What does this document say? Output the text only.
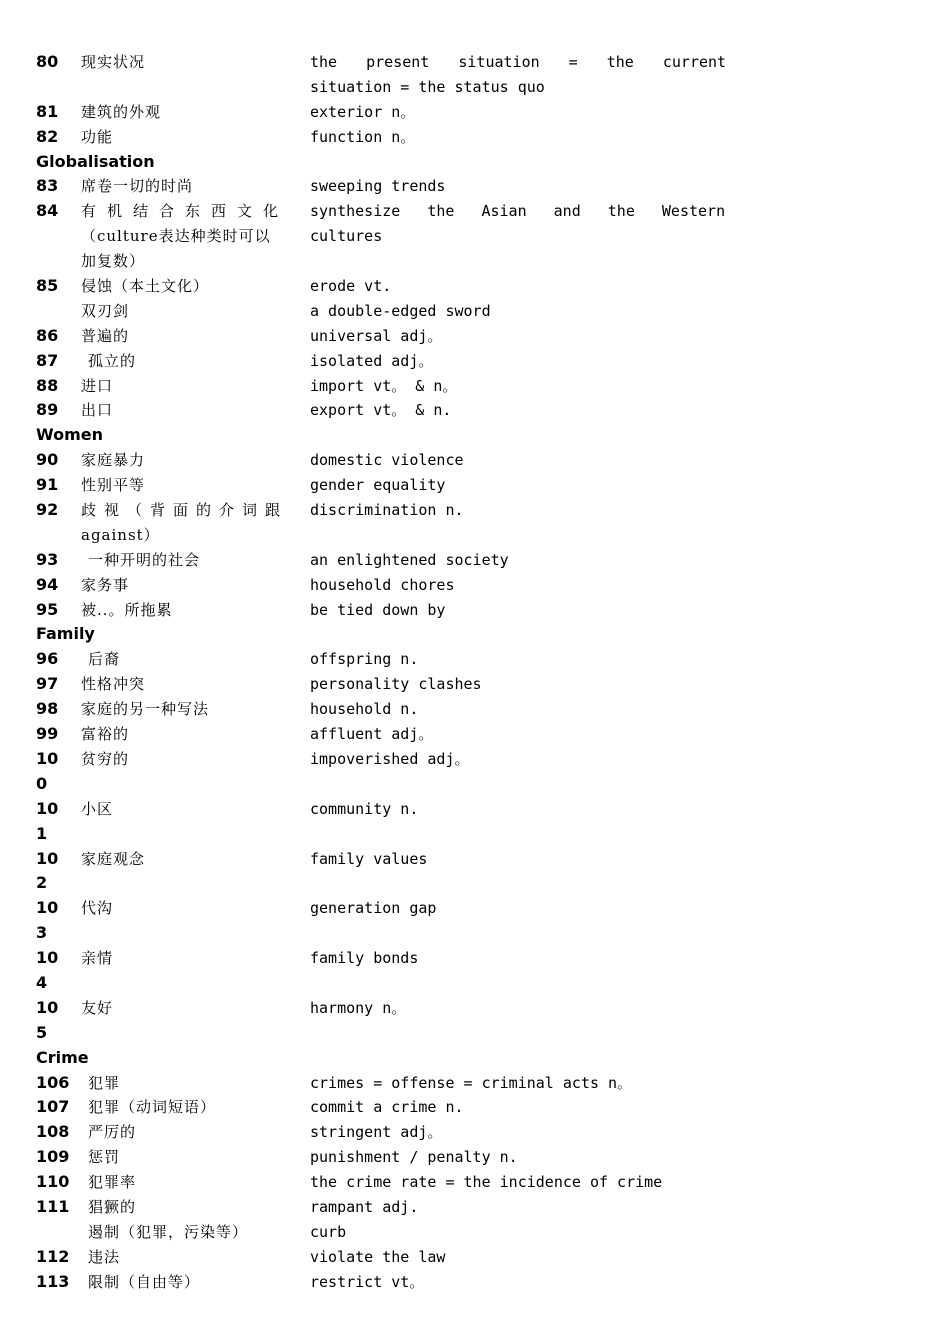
80 现实状况	the present situation = the current
situation = the status quo
81 建筑的外观	exterior n。
82 功能	function n。
Globalisation
83 席卷一切的时尚	sweeping trends
84 有机结合东西文化 synthesize the Asian and the Western
（culture表达种类时可以	cultures
加复数）
85 侵蚀（本土文化）	erode vt.
双刃剑	a double-edged sword
86 普遍的	universal adj。
87 孤立的	isolated adj。
88 进口	import vt。 & n。
89 出口	export vt。 & n.
Women
90 家庭暴力	domestic violence
91 性别平等	gender equality
92 歧视（背面的介词跟 discrimination n.
against）
93 一种开明的社会	an enlightened society
94 家务事	household chores
95 被..。所拖累	be tied down by
Family
96 后裔	offspring n.
97 性格冲突	personality clashes
98 家庭的另一种写法	household n.
99 富裕的	affluent adj。
10 贫穷的	impoverished adj。
0
10 小区	community n.
1
10 家庭观念	family values
2
10 代沟	generation gap
3
10 亲情	family bonds
4
10 友好	harmony n。
5
Crime
106 犯罪	crimes = offense = criminal acts n。
107 犯罪（动词短语）	commit a crime n.
108 严厉的	stringent adj。
109 惩罚	punishment / penalty n.
110 犯罪率	the crime rate = the incidence of crime
111 猖獗的	rampant adj.
遏制（犯罪，污染等）	curb
112 违法	violate the law
113 限制（自由等）	restrict vt。
